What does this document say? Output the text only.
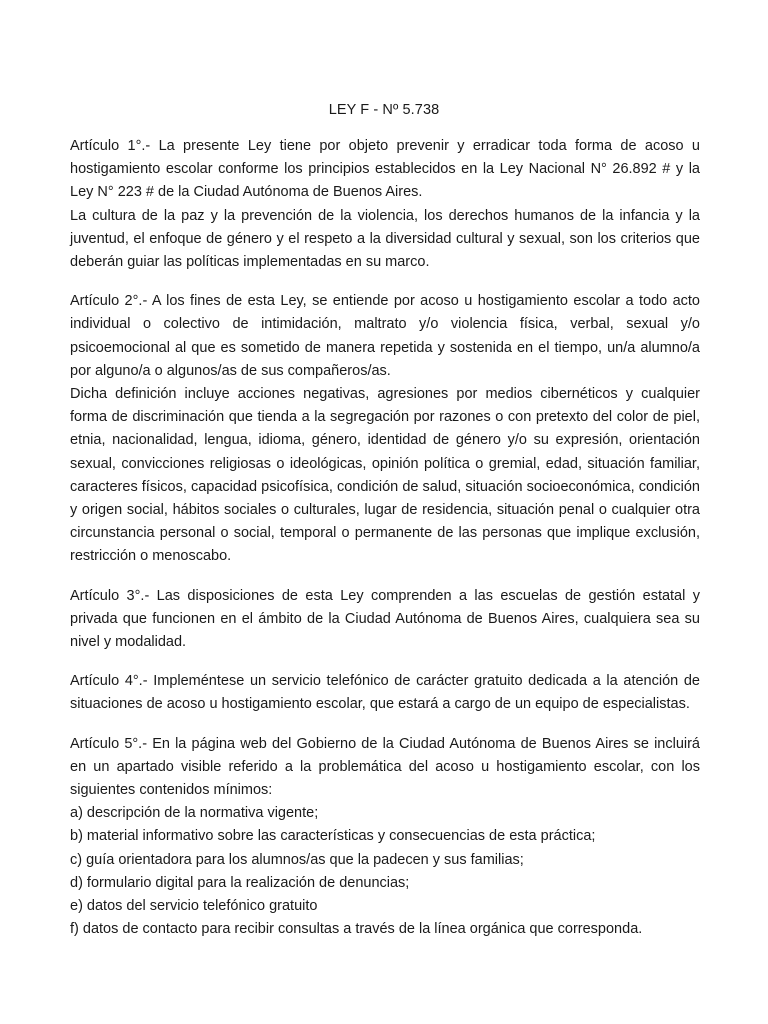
LEY F - Nº 5.738

Artículo 1°.- La presente Ley tiene por objeto prevenir y erradicar toda forma de acoso u hostigamiento escolar conforme los principios establecidos en la Ley Nacional N° 26.892 # y la Ley N° 223 # de la Ciudad Autónoma de Buenos Aires.

La cultura de la paz y la prevención de la violencia, los derechos humanos de la infancia y la juventud, el enfoque de género y el respeto a la diversidad cultural y sexual, son los criterios que deberán guiar las políticas implementadas en su marco.

Artículo 2°.- A los fines de esta Ley, se entiende por acoso u hostigamiento escolar a todo acto individual o colectivo de intimidación, maltrato y/o violencia física, verbal, sexual y/o psicoemocional al que es sometido de manera repetida y sostenida en el tiempo, un/a alumno/a por alguno/a o algunos/as de sus compañeros/as.

Dicha definición incluye acciones negativas, agresiones por medios cibernéticos y cualquier forma de discriminación que tienda a la segregación por razones o con pretexto del color de piel, etnia, nacionalidad, lengua, idioma, género, identidad de género y/o su expresión, orientación sexual, convicciones religiosas o ideológicas, opinión política o gremial, edad, situación familiar, caracteres físicos, capacidad psicofísica, condición de salud, situación socioeconómica, condición y origen social, hábitos sociales o culturales, lugar de residencia, situación penal o cualquier otra circunstancia personal o social, temporal o permanente de las personas que implique exclusión, restricción o menoscabo.

Artículo 3°.- Las disposiciones de esta Ley comprenden a las escuelas de gestión estatal y privada que funcionen en el ámbito de la Ciudad Autónoma de Buenos Aires, cualquiera sea su nivel y modalidad.

Artículo 4°.- Impleméntese un servicio telefónico de carácter gratuito dedicada a la atención de situaciones de acoso u hostigamiento escolar, que estará a cargo de un equipo de especialistas.

Artículo 5°.- En la página web del Gobierno de la Ciudad Autónoma de Buenos Aires se incluirá en un apartado visible referido a la problemática del acoso u hostigamiento escolar, con los siguientes contenidos mínimos:

a) descripción de la normativa vigente;
b) material informativo sobre las características y consecuencias de esta práctica;
c) guía orientadora para los alumnos/as que la padecen y sus familias;
d) formulario digital para la realización de denuncias;
e) datos del servicio telefónico gratuito
f) datos de contacto para recibir consultas a través de la línea orgánica que corresponda.
